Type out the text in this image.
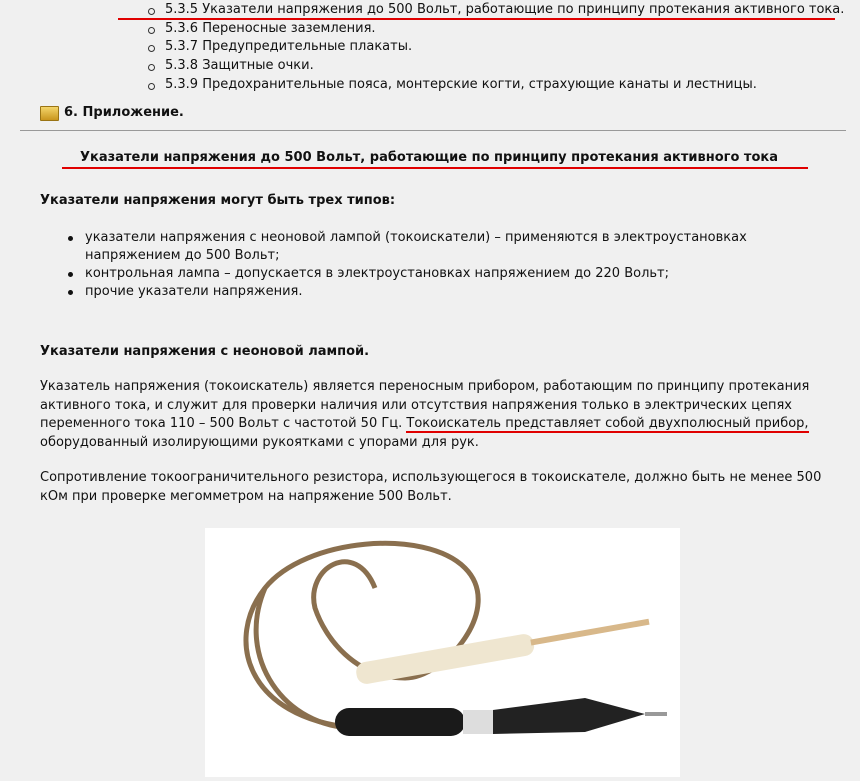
5.3.5 Указатели напряжения до 500 Вольт, работающие по принципу протекания активного тока.
5.3.6 Переносные заземления.
5.3.7 Предупредительные плакаты.
5.3.8 Защитные очки.
5.3.9 Предохранительные пояса, монтерские когти, страхующие канаты и лестницы.
6. Приложение.
Указатели напряжения до 500 Вольт, работающие по принципу протекания активного тока
Указатели напряжения могут быть трех типов:
указатели напряжения с неоновой лампой (токоискатели) – применяются в электроустановках напряжением до 500 Вольт;
контрольная лампа – допускается в электроустановках напряжением до 220 Вольт;
прочие указатели напряжения.
Указатели напряжения с неоновой лампой.

Указатель напряжения (токоискатель) является переносным прибором, работающим по принципу протекания активного тока, и служит для проверки наличия или отсутствия напряжения только в электрических цепях переменного тока 110 – 500 Вольт с частотой 50 Гц. Токоискатель представляет собой двухполюсный прибор, оборудованный изолирующими рукоятками с упорами для рук.

Сопротивление токоограничительного резистора, использующегося в токоискателе, должно быть не менее 500 кОм при проверке мегомметром на напряжение 500 Вольт.
